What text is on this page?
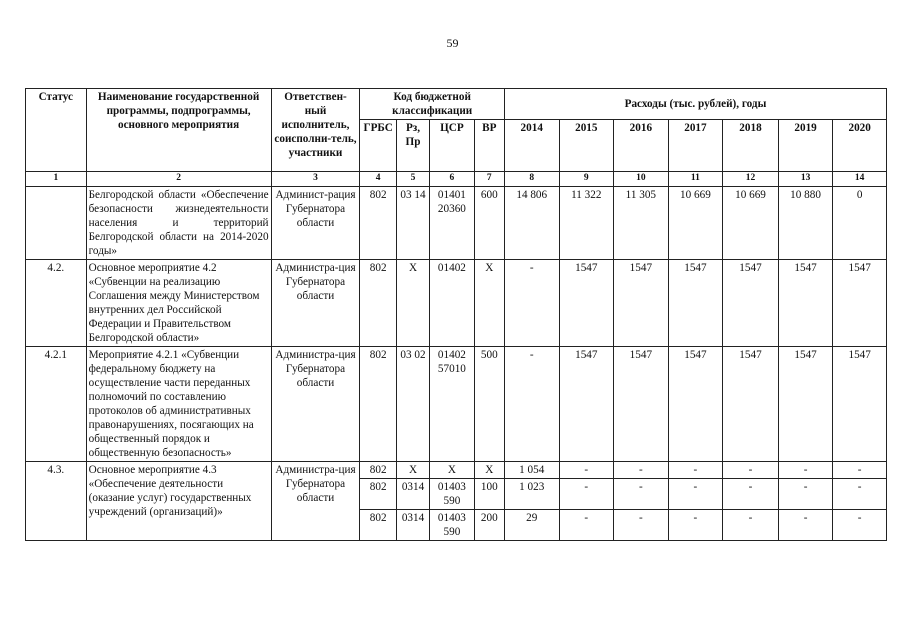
59
Статус	Наименование государственной программы, подпрограммы, основного мероприятия	Ответствен-ный исполнитель, соисполни-тель, участники	Код бюджетной классификации				Расходы (тыс. рублей), годы						
			ГРБС	Рз, Пр	ЦСР	ВР	2014	2015	2016	2017	2018	2019	2020
1	2	3	4	5	6	7	8	9	10	11	12	13	14
	Белгородской области «Обеспечение безопасности жизнедеятельности населения и территорий Белгородской области на 2014-2020 годы»	Админист-рация Губернатора области	802	03 14	01401 20360	600	14 806	11 322	11 305	10 669	10 669	10 880	0
4.2.	Основное мероприятие 4.2 «Субвенции на реализацию Соглашения между Министерством внутренних дел Российской Федерации и Правительством Белгородской области»	Администра-ция Губернатора области	802	Х	01402	Х	-	1547	1547	1547	1547	1547	1547
4.2.1	Мероприятие 4.2.1 «Субвенции федеральному бюджету на осуществление части переданных полномочий по составлению протоколов об административных правонарушениях, посягающих на общественный порядок и общественную безопасность»	Администра-ция Губернатора области	802	03 02	01402 57010	500	-	1547	1547	1547	1547	1547	1547
4.3.	Основное мероприятие 4.3 «Обеспечение деятельности (оказание услуг) государственных учреждений (организаций)»	Администра-ция Губернатора области	802	Х	Х	Х	1 054	-	-	-	-	-	-
			802	0314	01403 590	100	1 023	-	-	-	-	-	-
			802	0314	01403 590	200	29	-	-	-	-	-	-
